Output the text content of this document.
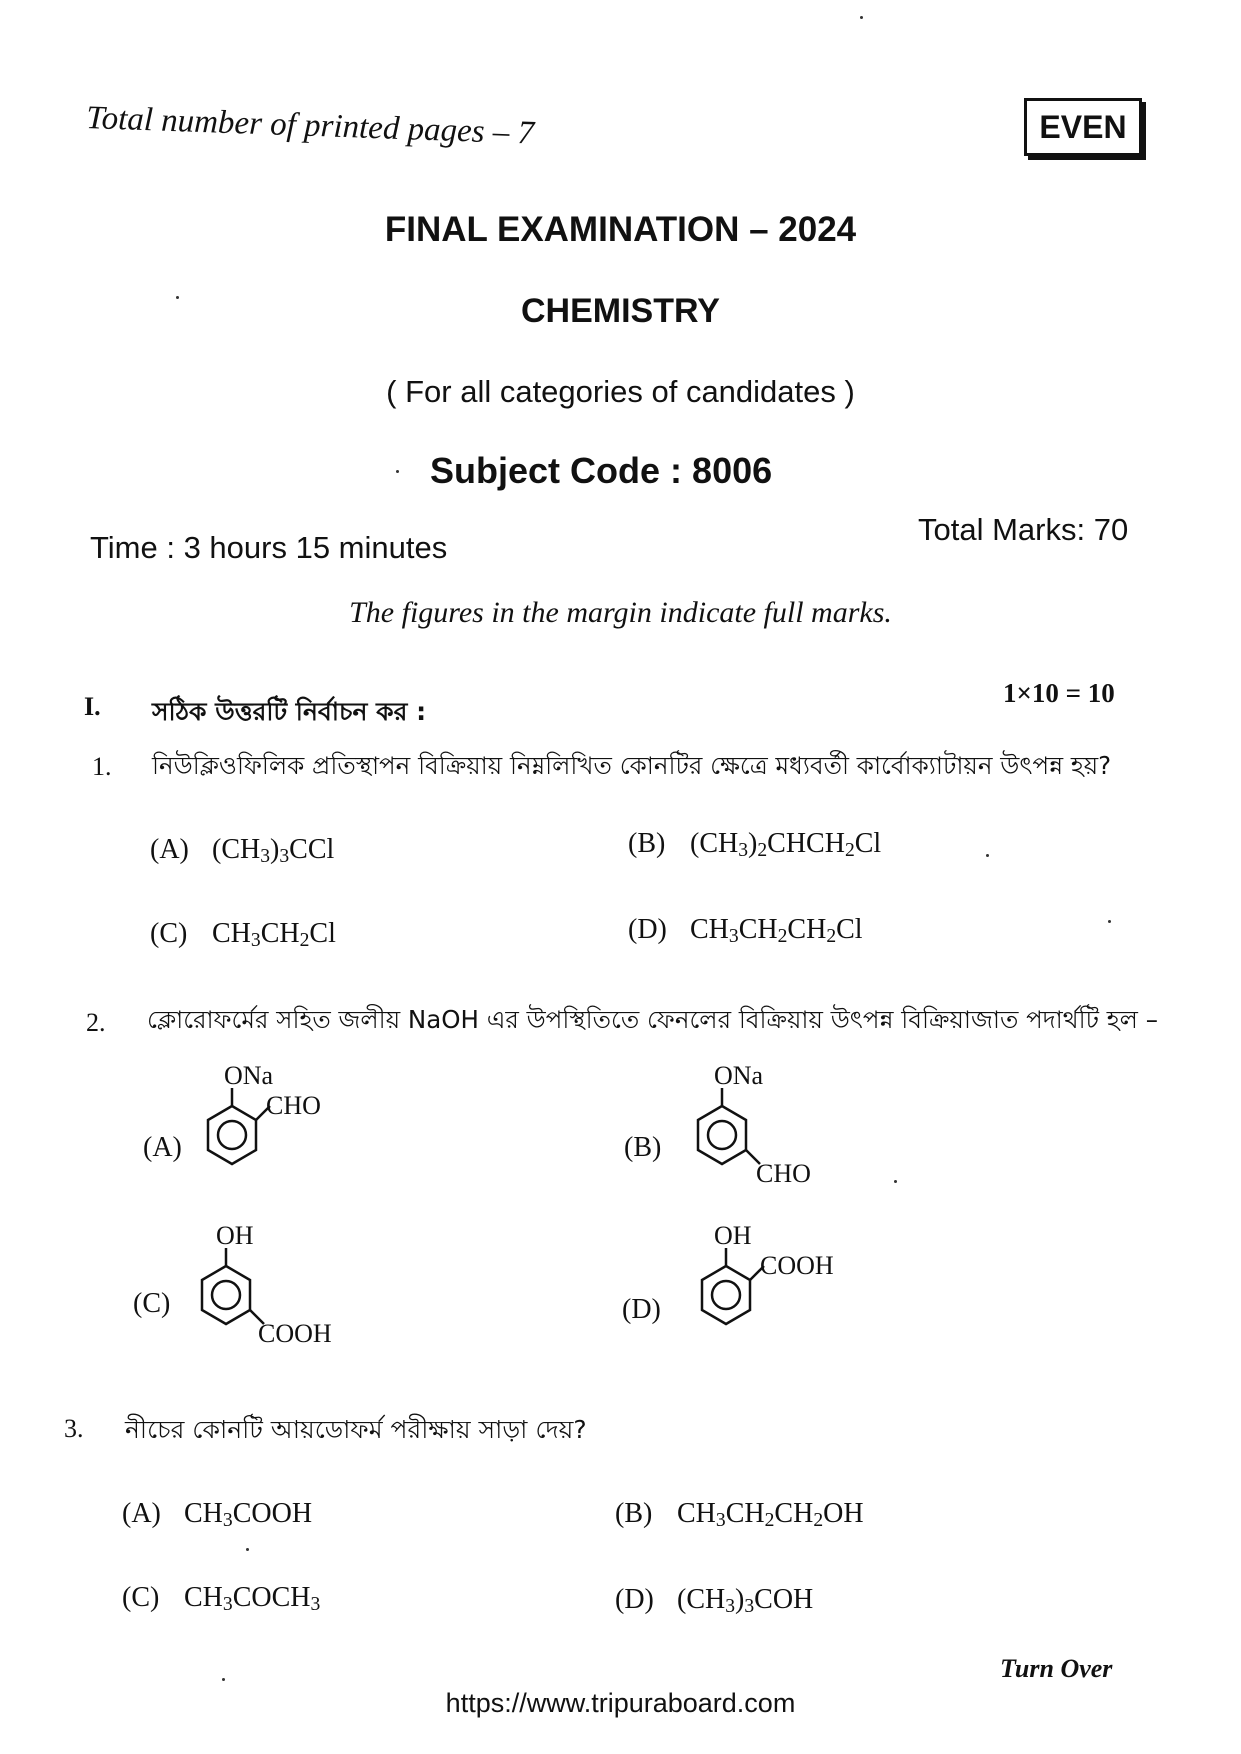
Total number of printed pages – 7	EVEN
FINAL EXAMINATION – 2024
CHEMISTRY
( For all categories of candidates )
Subject Code : 8006
Time : 3 hours 15 minutes
Total Marks: 70
The figures in the margin indicate full marks.
I. সঠিক উত্তরটি নির্বাচন কর :
1×10 = 10
1. নিউক্লিওফিলিক প্রতিস্থাপন বিক্রিয়ায় নিম্নলিখিত কোনটির ক্ষেত্রে মধ্যবর্তী কার্বোক্যাটায়ন উৎপন্ন হয়?
(A) $(CH_3)_3CCl$	(B) $(CH_3)_2CHCH_2Cl$
(C) $CH_3CH_2Cl$	(D) $CH_3CH_2CH_2Cl$
2. ক্লোরোফর্মের সহিত জলীয় NaOH এর উপস্থিতিতে ফেনলের বিক্রিয়ায় উৎপন্ন বিক্রিয়াজাত পদার্থটি হল –
(A)
ONa
CHO
(B)
ONa
CHO
(C)
OH
COOH
(D)
OH
COOH
3. নীচের কোনটি আয়ডোফর্ম পরীক্ষায় সাড়া দেয়?
(A) $CH_3COOH$	(B) $CH_3CH_2CH_2OH$
(C) $CH_3COCH_3$	(D) $(CH_3)_3COH$
Turn Over
https://www.tripuraboard.com
